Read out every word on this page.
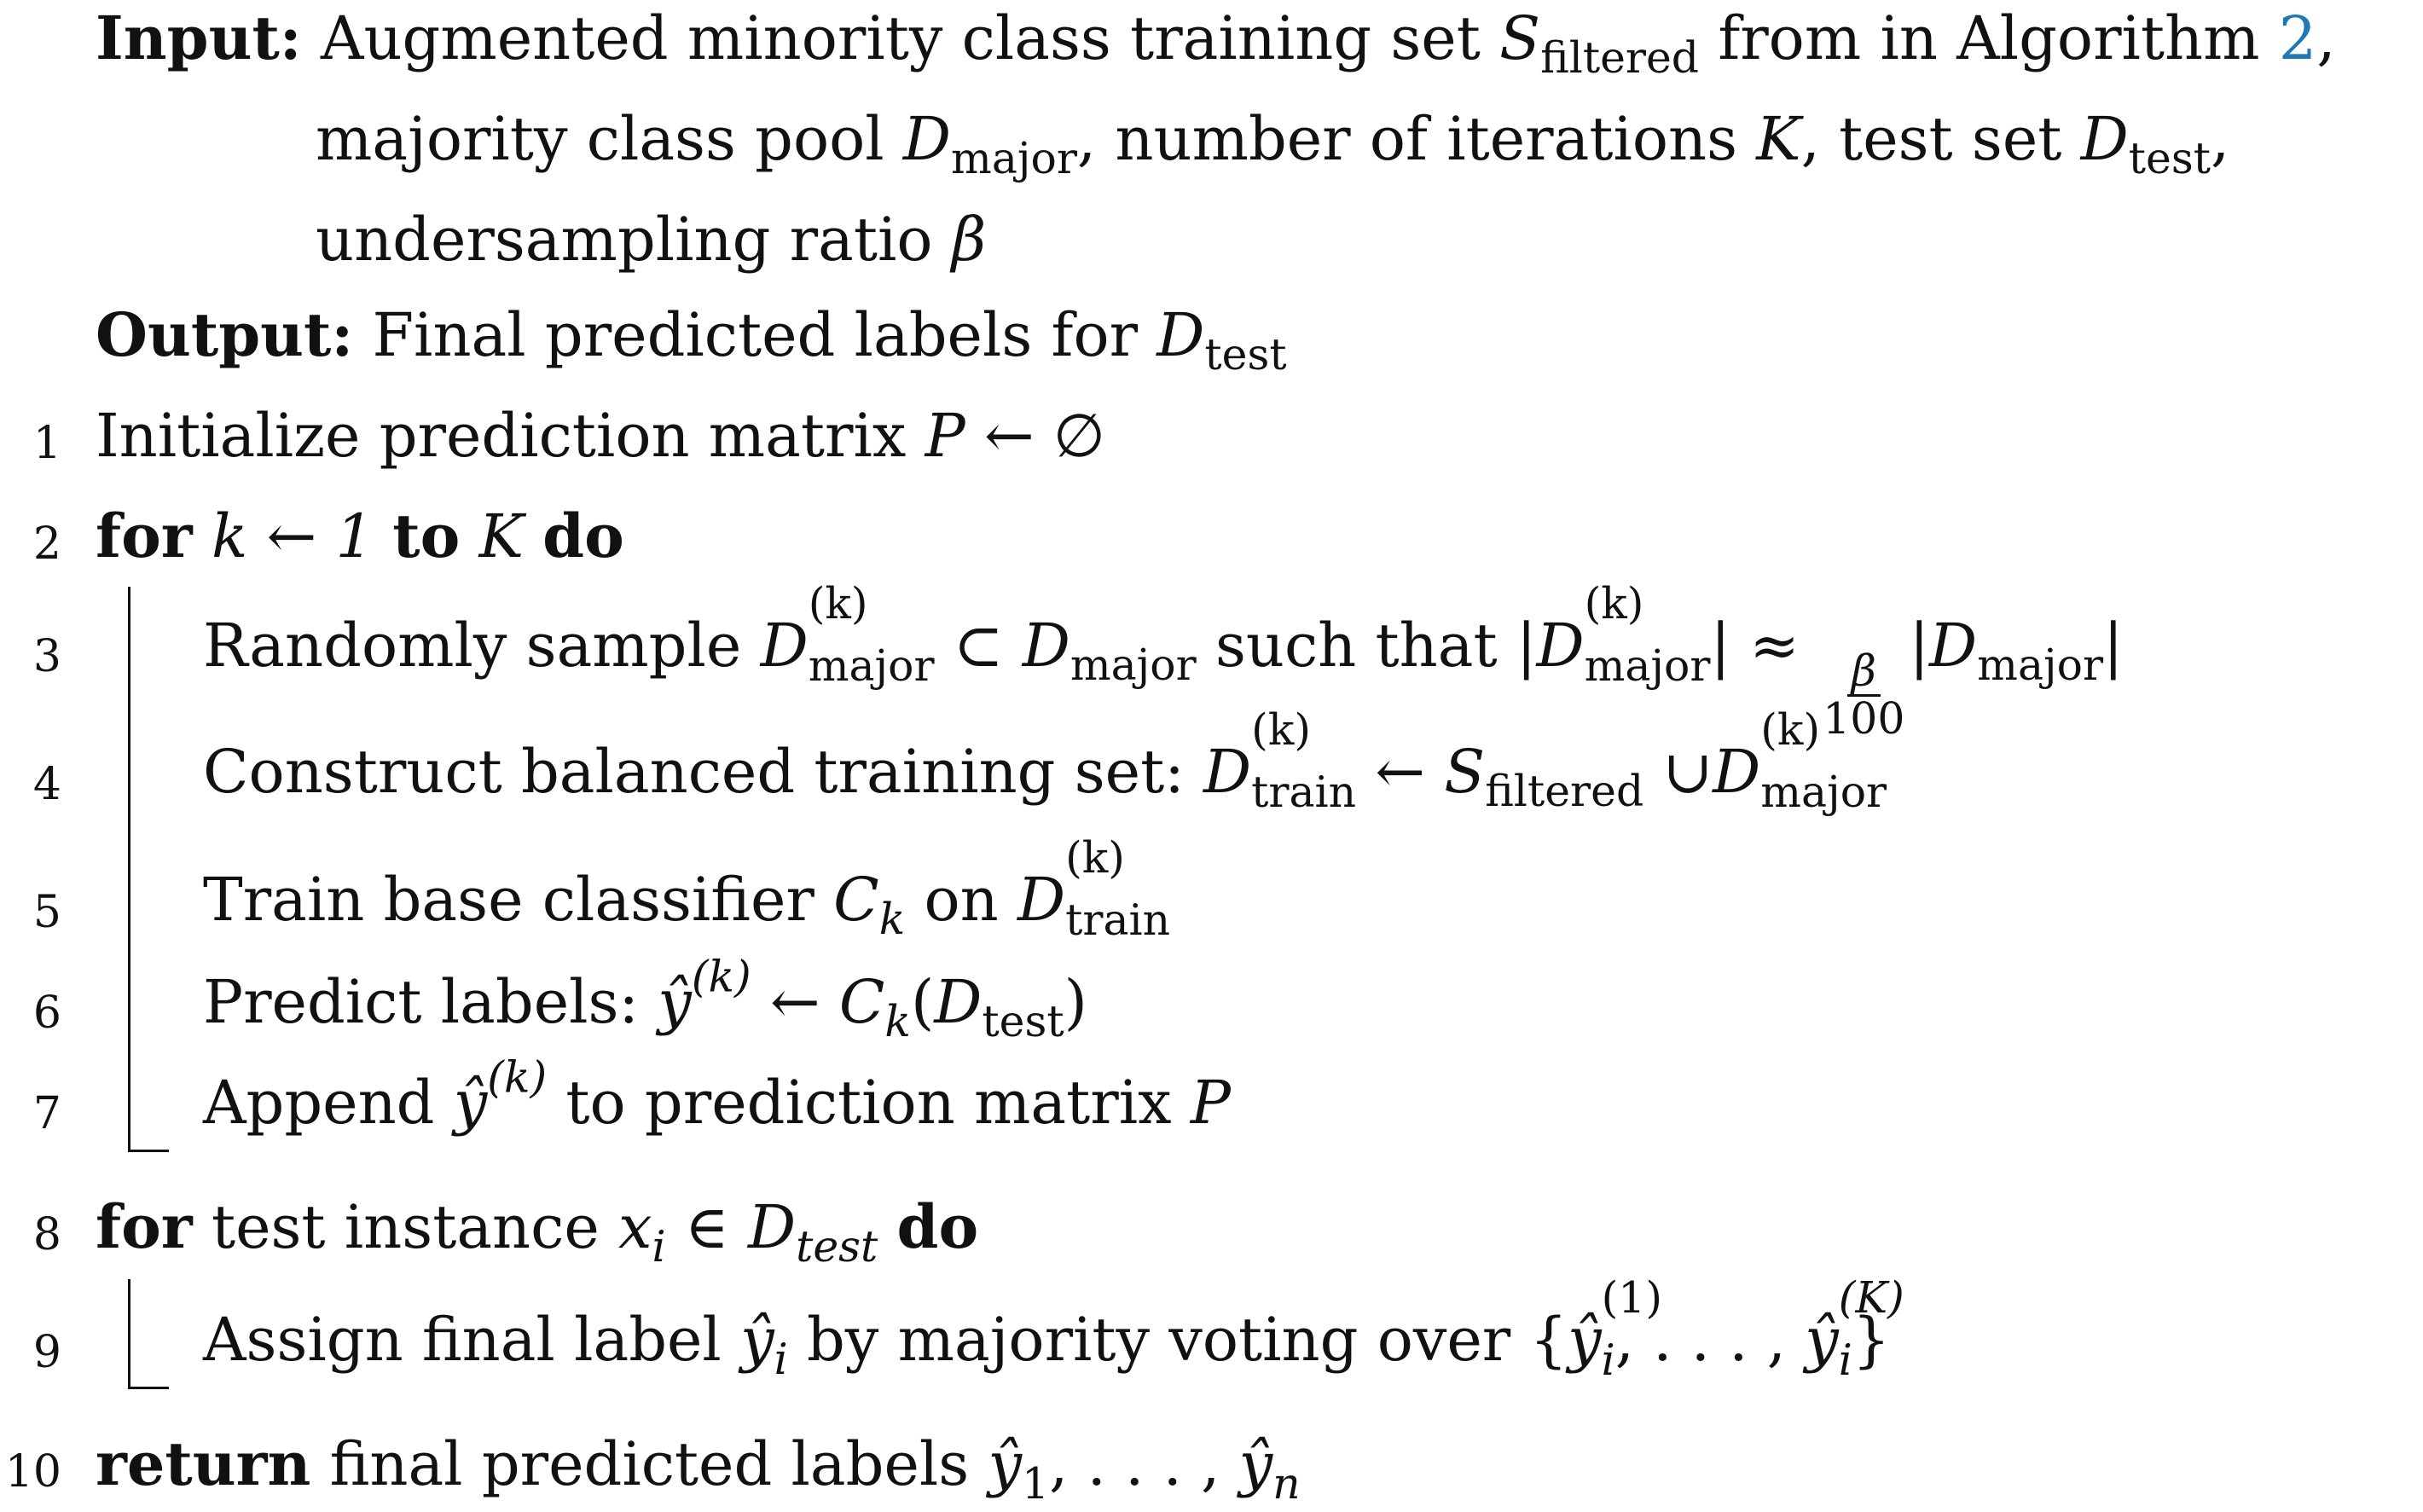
Input: Augmented minority class training set $S_{filtered}$ from in Algorithm 2,
majority class pool $D_{major}$, number of iterations K, test set $D_{test}$,
undersampling ratio β
Output: Final predicted labels for $D_{test}$
1 Initialize prediction matrix P ← ∅
2 for k ← 1 to K do
3 Randomly sample D
(k)
major ⊂ $D_{major}$ such that |D
(k)
major| ≈
$\frac{\beta}{100}$
$|D_{major}|$
4 Construct balanced training set: D
(k)
train ← $S_{filtered}$ ∪D
(k)
major
5 Train base classifier $C_k$ on D
(k)
train
6 Predict labels: $ŷ^{(k)}$ ← $C_k(D_{test})$
7 Append $ŷ^{(k)}$ to prediction matrix P
8 for test instance $x_i$ ∈ $D_{test}$ do
9 Assign final label $ŷ_i$ by majority voting over {ŷ
(1)
i, . . . , ŷ
(K)
i}
10 return final predicted labels $ŷ_1$, . . . , $ŷ_n$
